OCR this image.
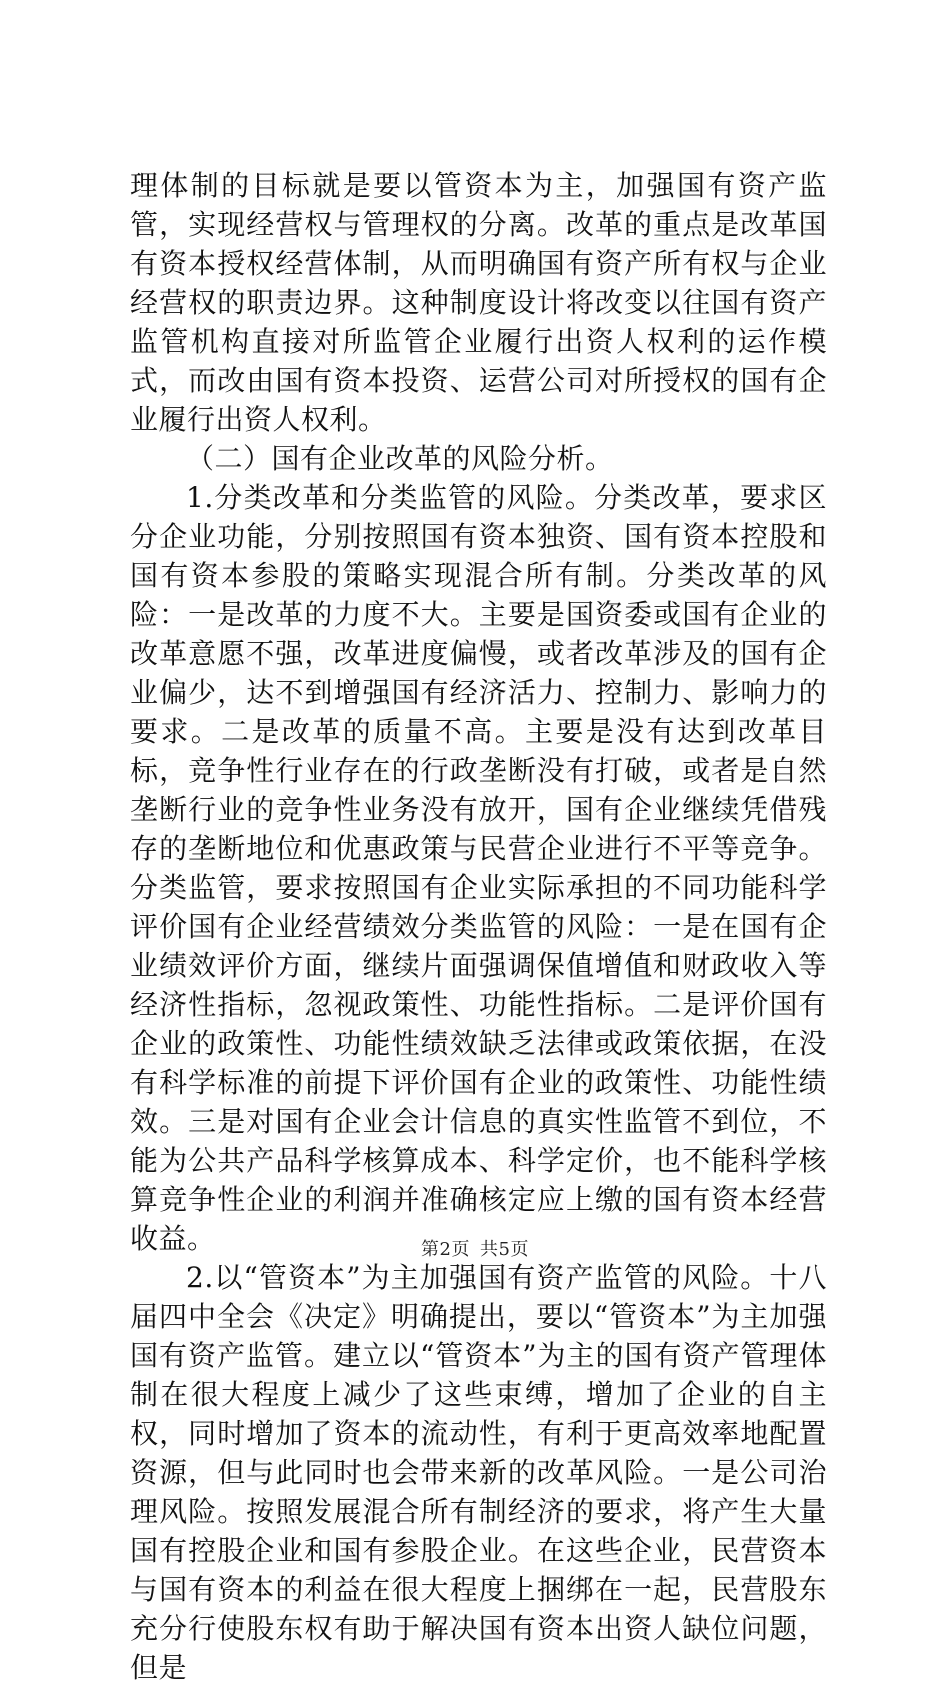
理体制的目标就是要以管资本为主，加强国有资产监管，实现经营权与管理权的分离。改革的重点是改革国有资本授权经营体制，从而明确国有资产所有权与企业经营权的职责边界。这种制度设计将改变以往国有资产监管机构直接对所监管企业履行出资人权利的运作模式，而改由国有资本投资、运营公司对所授权的国有企业履行出资人权利。

（二）国有企业改革的风险分析。

1.分类改革和分类监管的风险。分类改革，要求区分企业功能，分别按照国有资本独资、国有资本控股和国有资本参股的策略实现混合所有制。分类改革的风险：一是改革的力度不大。主要是国资委或国有企业的改革意愿不强，改革进度偏慢，或者改革涉及的国有企业偏少，达不到增强国有经济活力、控制力、影响力的要求。二是改革的质量不高。主要是没有达到改革目标，竞争性行业存在的行政垄断没有打破，或者是自然垄断行业的竞争性业务没有放开，国有企业继续凭借残存的垄断地位和优惠政策与民营企业进行不平等竞争。分类监管，要求按照国有企业实际承担的不同功能科学评价国有企业经营绩效分类监管的风险：一是在国有企业绩效评价方面，继续片面强调保值增值和财政收入等经济性指标，忽视政策性、功能性指标。二是评价国有企业的政策性、功能性绩效缺乏法律或政策依据，在没有科学标准的前提下评价国有企业的政策性、功能性绩效。三是对国有企业会计信息的真实性监管不到位，不能为公共产品科学核算成本、科学定价，也不能科学核算竞争性企业的利润并准确核定应上缴的国有资本经营收益。

2.以“管资本”为主加强国有资产监管的风险。十八届四中全会《决定》明确提出，要以“管资本”为主加强国有资产监管。建立以“管资本”为主的国有资产管理体制在很大程度上减少了这些束缚，增加了企业的自主权，同时增加了资本的流动性，有利于更高效率地配置资源，但与此同时也会带来新的改革风险。一是公司治理风险。按照发展混合所有制经济的要求，将产生大量国有控股企业和国有参股企业。在这些企业，民营资本与国有资本的利益在很大程度上捆绑在一起，民营股东充分行使股东权有助于解决国有资本出资人缺位问题，但是

第2页 共5页
